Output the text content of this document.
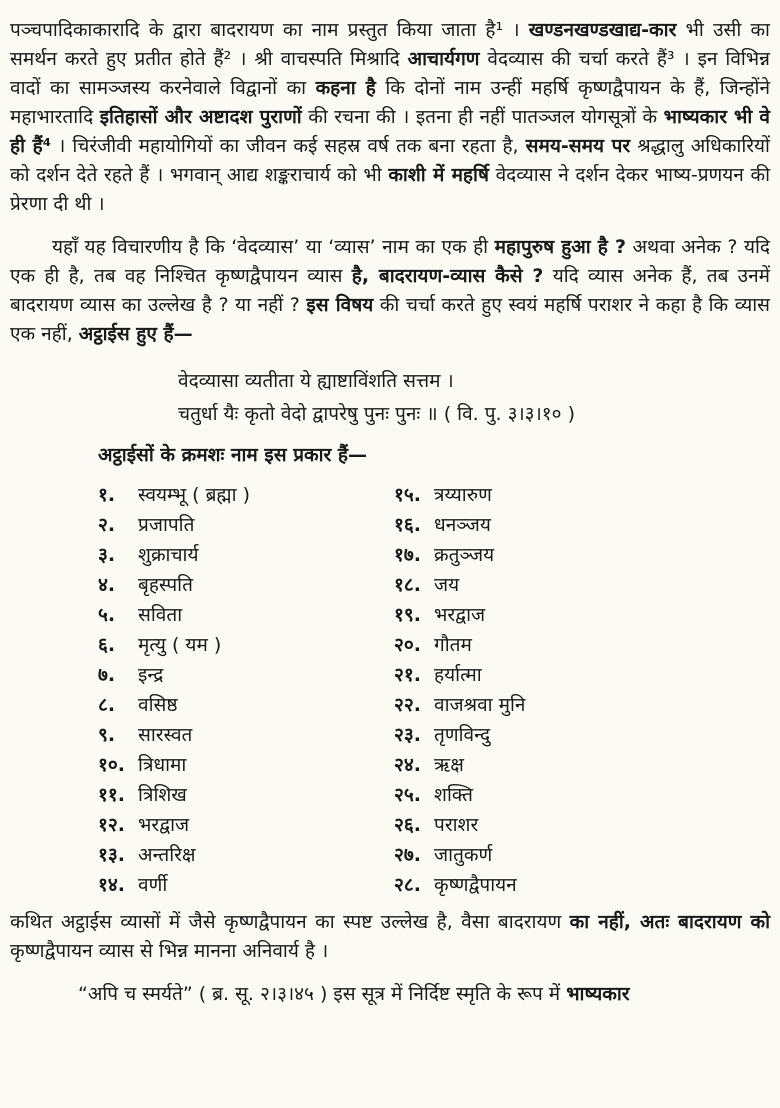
पञ्चपादिकाकारादि के द्वारा बादरायण का नाम प्रस्तुत किया जाता है¹ । खण्डनखण्डखाद्य-कार भी उसी का समर्थन करते हुए प्रतीत होते हैं² । श्री वाचस्पति मिश्रादि आचार्यगण वेदव्यास की चर्चा करते हैं³ । इन विभिन्न वादों का सामञ्जस्य करनेवाले विद्वानों का कहना है कि दोनों नाम उन्हीं महर्षि कृष्णद्वैपायन के हैं, जिन्होंने महाभारतादि इतिहासों और अष्टादश पुराणों की रचना की । इतना ही नहीं पातञ्जल योगसूत्रों के भाष्यकार भी वे ही हैं⁴ । चिरंजीवी महायोगियों का जीवन कई सहस्र वर्ष तक बना रहता है, समय-समय पर श्रद्धालु अधिकारियों को दर्शन देते रहते हैं । भगवान् आद्य शङ्कराचार्य को भी काशी में महर्षि वेदव्यास ने दर्शन देकर भाष्य-प्रणयन की प्रेरणा दी थी ।
यहाँ यह विचारणीय है कि ‘वेदव्यास’ या ‘व्यास’ नाम का एक ही महापुरुष हुआ है ? अथवा अनेक ? यदि एक ही है, तब वह निश्चित कृष्णद्वैपायन व्यास है, बादरायण-व्यास कैसे ? यदि व्यास अनेक हैं, तब उनमें बादरायण व्यास का उल्लेख है ? या नहीं ? इस विषय की चर्चा करते हुए स्वयं महर्षि पराशर ने कहा है कि व्यास एक नहीं, अट्ठाईस हुए हैं—
वेदव्यासा व्यतीता ये ह्याष्टाविंशति सत्तम ।
चतुर्धा यैः कृतो वेदो द्वापरेषु पुनः पुनः ॥ ( वि. पु. ३।३।१० )
अट्ठाईसों के क्रमशः नाम इस प्रकार हैं—
१. स्वयम्भू ( ब्रह्मा )
२. प्रजापति
३. शुक्राचार्य
४. बृहस्पति
५. सविता
६. मृत्यु ( यम )
७. इन्द्र
८. वसिष्ठ
९. सारस्वत
१०. त्रिधामा
११. त्रिशिख
१२. भरद्वाज
१३. अन्तरिक्ष
१४. वर्णी
१५. त्रय्यारुण
१६. धनञ्जय
१७. क्रतुञ्जय
१८. जय
१९. भरद्वाज
२०. गौतम
२१. हर्यात्मा
२२. वाजश्रवा मुनि
२३. तृणविन्दु
२४. ऋक्ष
२५. शक्ति
२६. पराशर
२७. जातुकर्ण
२८. कृष्णद्वैपायन
कथित अट्ठाईस व्यासों में जैसे कृष्णद्वैपायन का स्पष्ट उल्लेख है, वैसा बादरायण का नहीं, अतः बादरायण को कृष्णद्वैपायन व्यास से भिन्न मानना अनिवार्य है ।
“अपि च स्मर्यते” ( ब्र. सू. २।३।४५ ) इस सूत्र में निर्दिष्ट स्मृति के रूप में भाष्यकार
